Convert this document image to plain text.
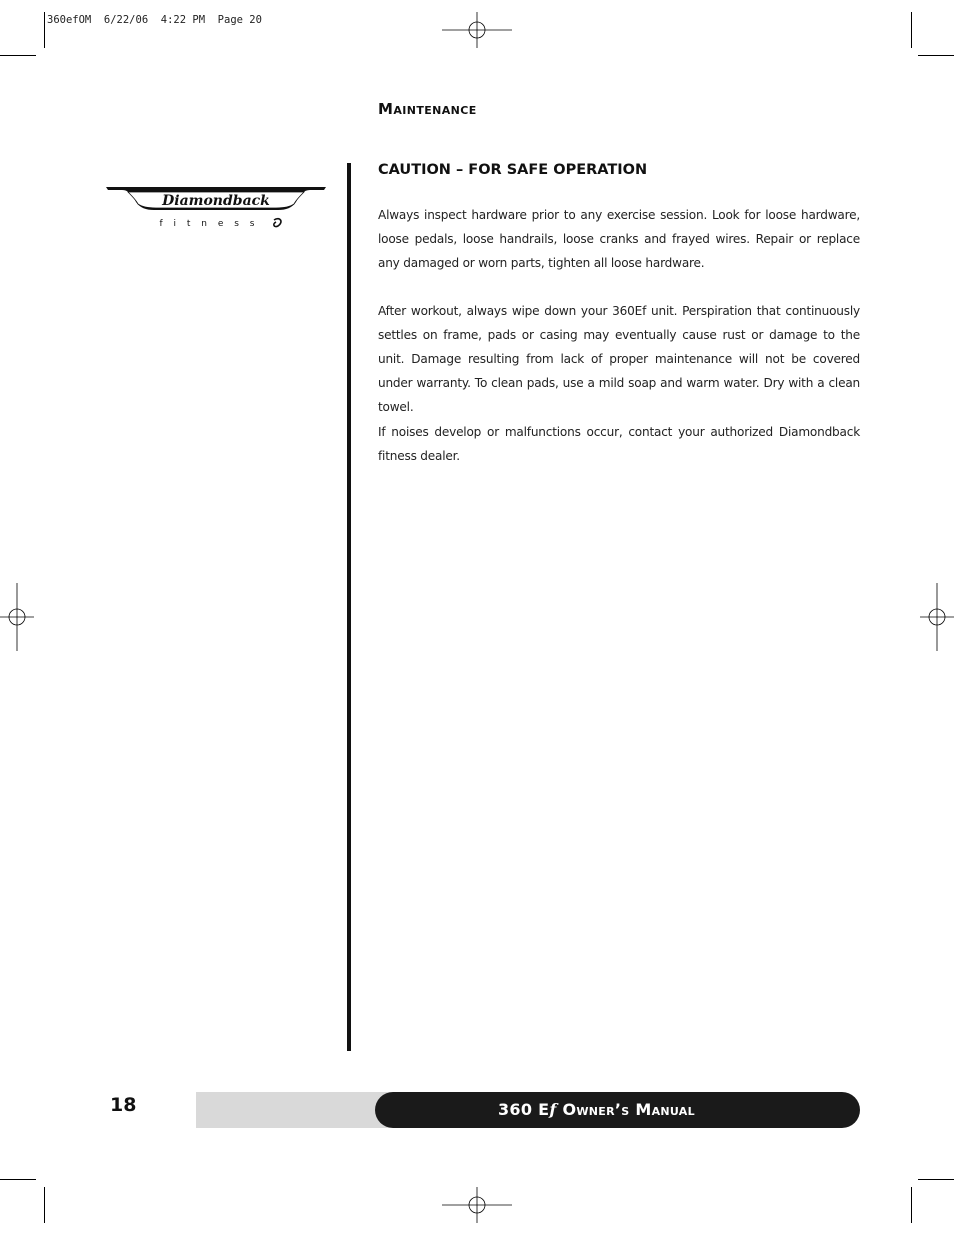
360efOM  6/22/06  4:22 PM  Page 20
Maintenance
Diamondback
f i t n e s s
CAUTION – FOR SAFE OPERATION

Always inspect hardware prior to any exercise session. Look for loose hardware, loose pedals, loose handrails, loose cranks and frayed wires. Repair or replace any damaged or worn parts, tighten all loose hardware.

After workout, always wipe down your 360Ef unit. Perspiration that continuously settles on frame, pads or casing may eventually cause rust or damage to the unit. Damage resulting from lack of proper maintenance will not be covered under warranty. To clean pads, use a mild soap and warm water. Dry with a clean towel.

If noises develop or malfunctions occur, contact your authorized Diamondback fitness dealer.

18	360 Ef Owner’s Manual
